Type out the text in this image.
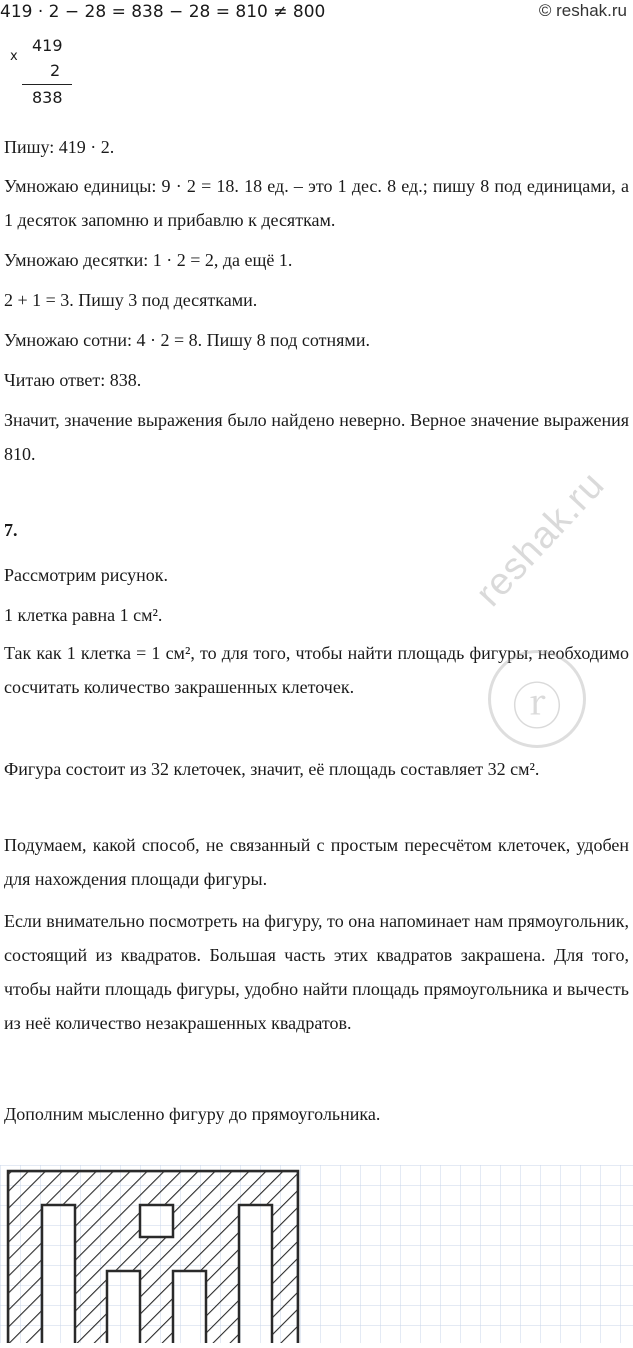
419 · 2 − 28 = 838 − 28 = 810 ≠ 800	© reshak.ru
x
419
2
838
Пишу: 419 · 2.
Умножаю единицы: 9 · 2 = 18. 18 ед. – это 1 дес. 8 ед.; пишу 8 под единицами, а 1 десяток запомню и прибавлю к десяткам.
Умножаю десятки: 1 · 2 = 2, да ещё 1.
2 + 1 = 3. Пишу 3 под десятками.
Умножаю сотни: 4 · 2 = 8. Пишу 8 под сотнями.
Читаю ответ: 838.
Значит, значение выражения было найдено неверно. Верное значение выражения 810.
7.
Рассмотрим рисунок.
1 клетка равна 1 см².
Так как 1 клетка = 1 см², то для того, чтобы найти площадь фигуры, необходимо сосчитать количество закрашенных клеточек.
Фигура состоит из 32 клеточек, значит, её площадь составляет 32 см².
Подумаем, какой способ, не связанный с простым пересчётом клеточек, удобен для нахождения площади фигуры.
Если внимательно посмотреть на фигуру, то она напоминает нам прямоугольник, состоящий из квадратов. Большая часть этих квадратов закрашена. Для того, чтобы найти площадь фигуры, удобно найти площадь прямоугольника и вычесть из неё количество незакрашенных квадратов.
Дополним мысленно фигуру до прямоугольника.
reshak.ru
ⓡ
